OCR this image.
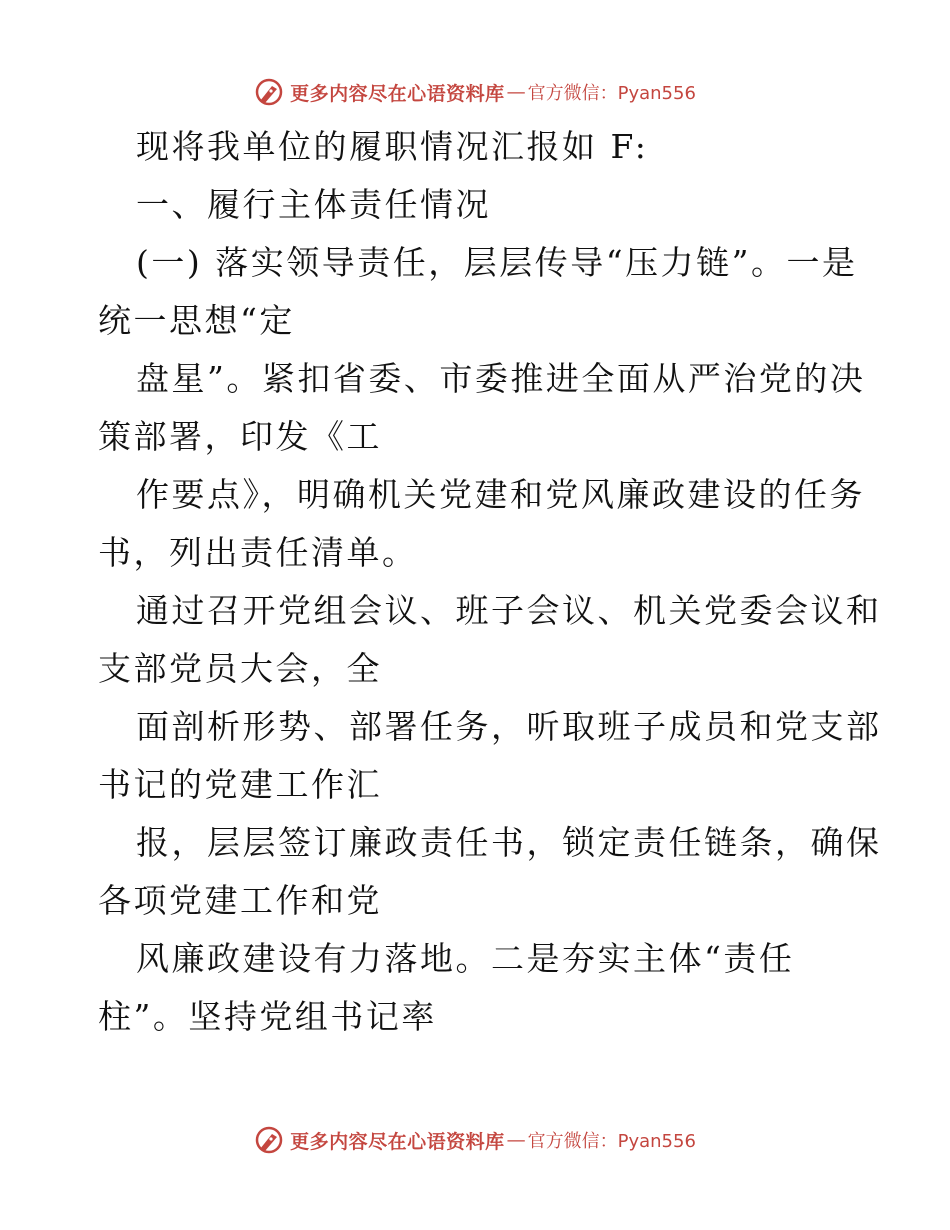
更多内容尽在心语资料库 — 官方微信：Pyan556
现将我单位的履职情况汇报如 F:
一、履行主体责任情况
(一) 落实领导责任，层层传导“压力链”。一是
统一思想“定
盘星”。紧扣省委、市委推进全面从严治党的决
策部署，印发《工
作要点》，明确机关党建和党风廉政建设的任务
书，列出责任清单。
通过召开党组会议、班子会议、机关党委会议和
支部党员大会，全
面剖析形势、部署任务，听取班子成员和党支部
书记的党建工作汇
报，层层签订廉政责任书，锁定责任链条，确保
各项党建工作和党
风廉政建设有力落地。二是夯实主体“责任
柱”。坚持党组书记率
更多内容尽在心语资料库 — 官方微信：Pyan556
